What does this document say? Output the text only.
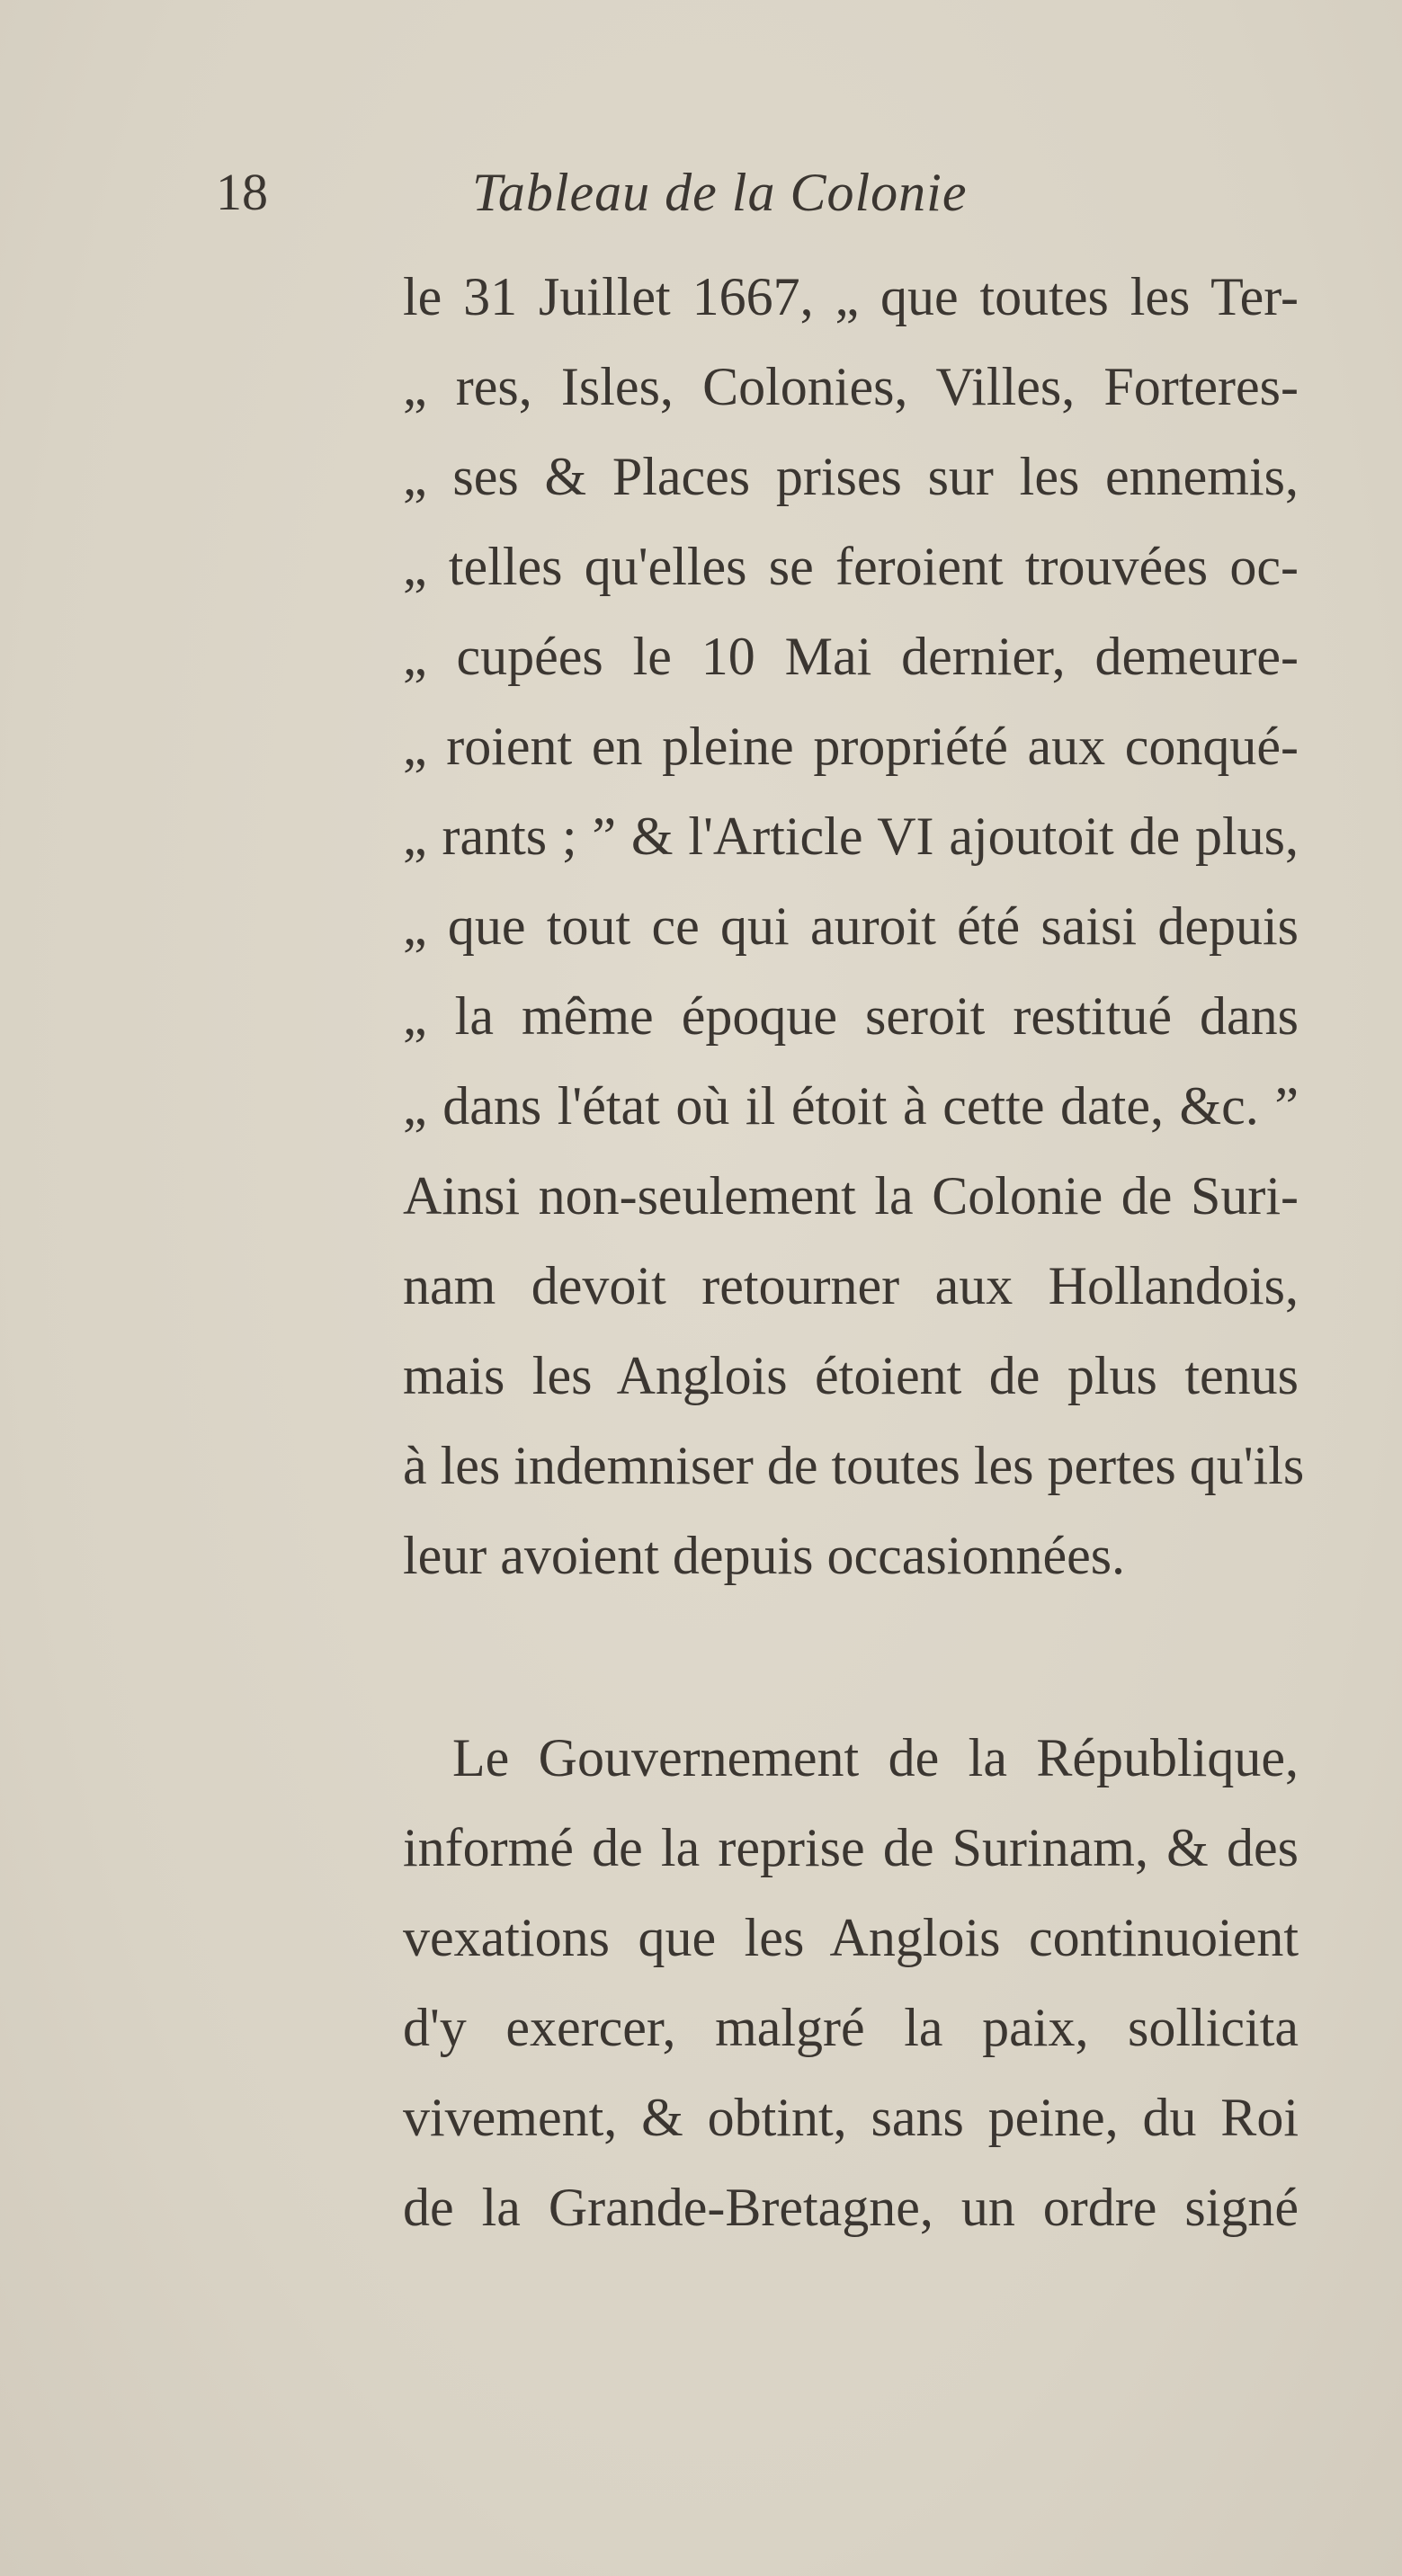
18	Tableau de la Colonie
le 31 Juillet 1667, „ que toutes les Ter-
„ res, Isles, Colonies, Villes, Forteres-
„ ses & Places prises sur les ennemis,
„ telles qu'elles se feroient trouvées oc-
„ cupées le 10 Mai dernier, demeure-
„ roient en pleine propriété aux conqué-
„ rants ; ” & l'Article VI ajoutoit de plus,
„ que tout ce qui auroit été saisi depuis
„ la même époque seroit restitué dans
„ dans l'état où il étoit à cette date, &c. ”
Ainsi non-seulement la Colonie de Suri-
nam devoit retourner aux Hollandois,
mais les Anglois étoient de plus tenus
à les indemniser de toutes les pertes qu'ils
leur avoient depuis occasionnées.
Le Gouvernement de la République,
informé de la reprise de Surinam, & des
vexations que les Anglois continuoient
d'y exercer, malgré la paix, sollicita
vivement, & obtint, sans peine, du Roi
de la Grande-Bretagne, un ordre signé
